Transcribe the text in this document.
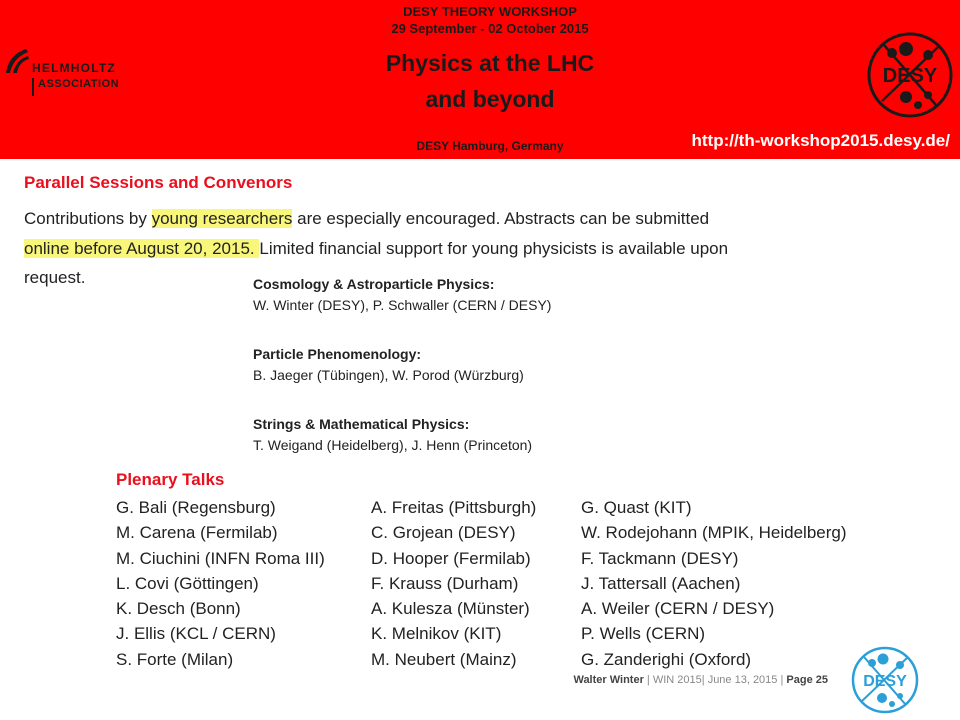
HELMHOLTZ
ASSOCIATION
DESY THEORY WORKSHOP
29 September - 02 October 2015
Physics at the LHC
and beyond
DESY Hamburg, Germany
DESY
http://th-workshop2015.desy.de/
Parallel Sessions and Convenors
Contributions by young researchers are especially encouraged. Abstracts can be submitted
online before August 20, 2015. Limited financial support for young physicists is available upon
request.	Cosmology & Astroparticle Physics:
W. Winter (DESY), P. Schwaller (CERN / DESY)
Particle Phenomenology:
B. Jaeger (Tübingen), W. Porod (Würzburg)
Strings & Mathematical Physics:
T. Weigand (Heidelberg), J. Henn (Princeton)
Plenary Talks
G. Bali (Regensburg)
M. Carena (Fermilab)
M. Ciuchini (INFN Roma III)
L. Covi (Göttingen)
K. Desch (Bonn)
J. Ellis (KCL / CERN)
S. Forte (Milan)
A. Freitas (Pittsburgh)
C. Grojean (DESY)
D. Hooper (Fermilab)
F. Krauss (Durham)
A. Kulesza (Münster)
K. Melnikov (KIT)
M. Neubert (Mainz)
G. Quast (KIT)
W. Rodejohann (MPIK, Heidelberg)
F. Tackmann (DESY)
J. Tattersall (Aachen)
A. Weiler (CERN / DESY)
P. Wells (CERN)
G. Zanderighi (Oxford)
Walter Winter | WIN 2015| June 13, 2015 | Page 25 DESY
